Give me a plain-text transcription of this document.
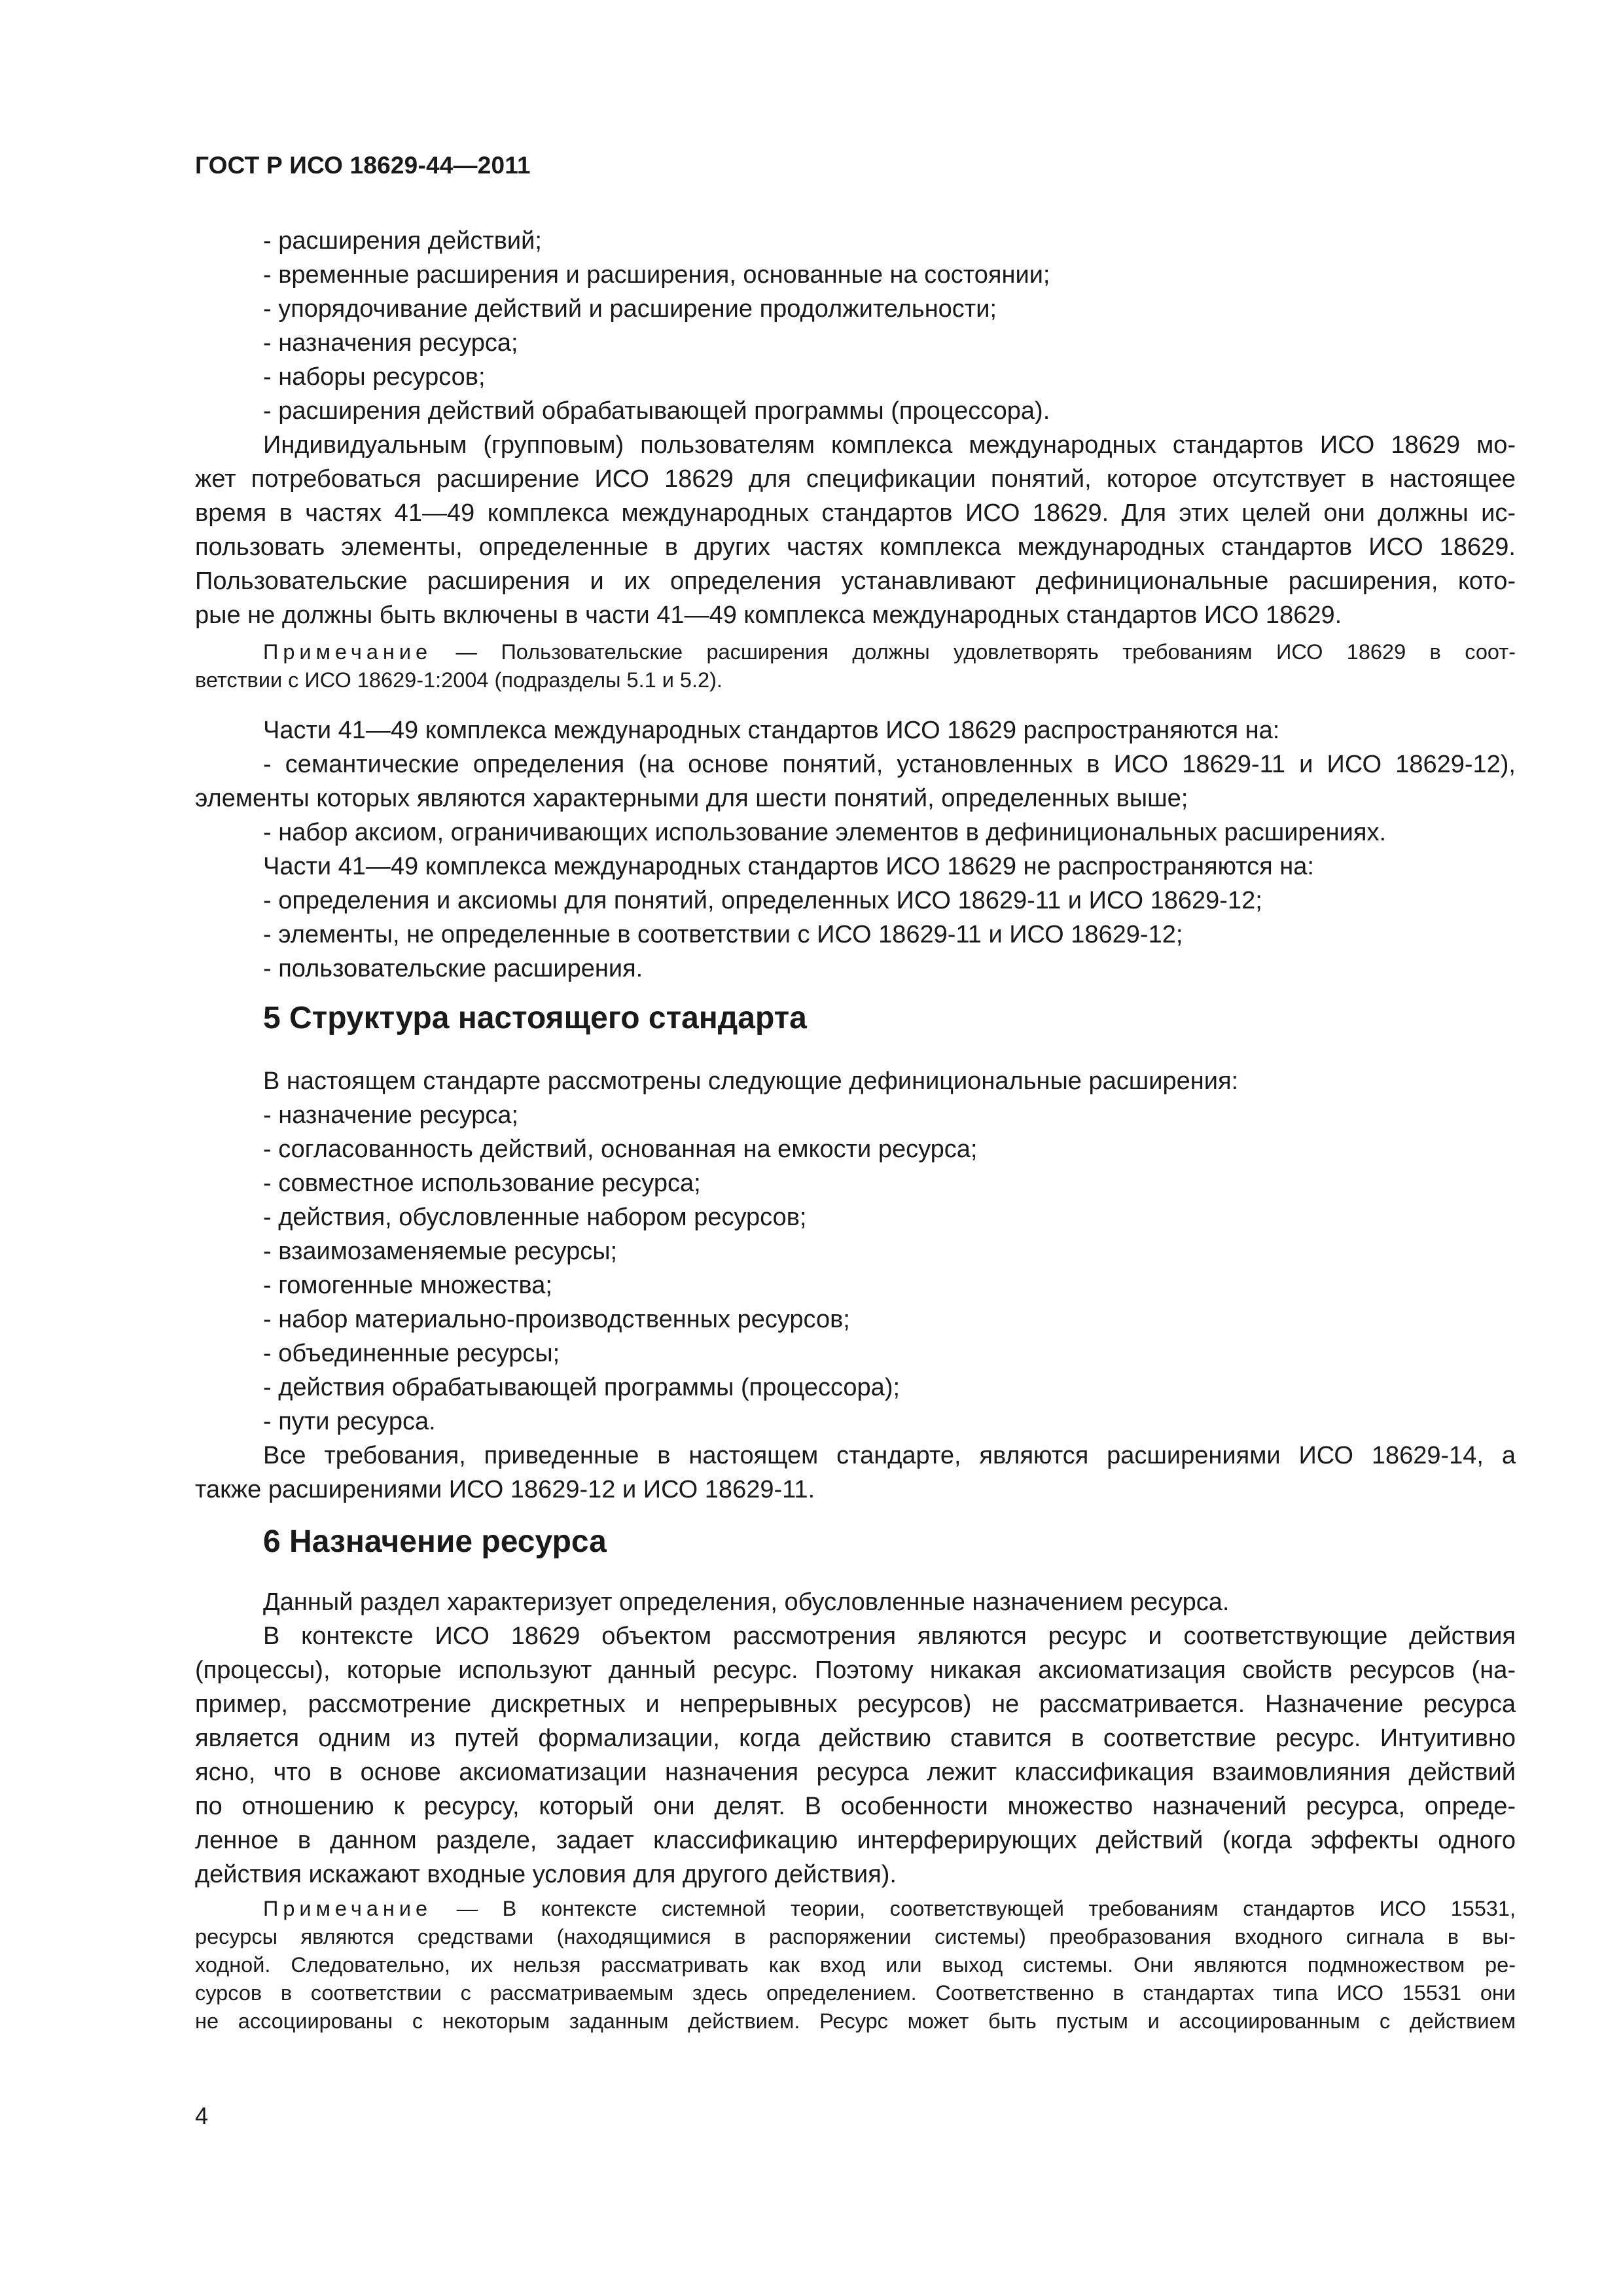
ГОСТ Р ИСО 18629-44—2011
- расширения действий;
- временные расширения и расширения, основанные на состоянии;
- упорядочивание действий и расширение продолжительности;
- назначения ресурса;
- наборы ресурсов;
- расширения действий обрабатывающей программы (процессора).
Индивидуальным (групповым) пользователям комплекса международных стандартов ИСО 18629 мо-
жет потребоваться расширение ИСО 18629 для спецификации понятий, которое отсутствует в настоящее
время в частях 41—49 комплекса международных стандартов ИСО 18629. Для этих целей они должны ис-
пользовать элементы, определенные в других частях комплекса международных стандартов ИСО 18629.
Пользовательские расширения и их определения устанавливают дефинициональные расширения, кото-
рые не должны быть включены в части 41—49 комплекса международных стандартов ИСО 18629.
Примечание — Пользовательские расширения должны удовлетворять требованиям ИСО 18629 в соот-
ветствии с ИСО 18629-1:2004 (подразделы 5.1 и 5.2).
Части 41—49 комплекса международных стандартов ИСО 18629 распространяются на:
- семантические определения (на основе понятий, установленных в ИСО 18629-11 и ИСО 18629-12),
элементы которых являются характерными для шести понятий, определенных выше;
- набор аксиом, ограничивающих использование элементов в дефинициональных расширениях.
Части 41—49 комплекса международных стандартов ИСО 18629 не распространяются на:
- определения и аксиомы для понятий, определенных ИСО 18629-11 и ИСО 18629-12;
- элементы, не определенные в соответствии с ИСО 18629-11 и ИСО 18629-12;
- пользовательские расширения.
5 Структура настоящего стандарта
В настоящем стандарте рассмотрены следующие дефинициональные расширения:
- назначение ресурса;
- согласованность действий, основанная на емкости ресурса;
- совместное использование ресурса;
- действия, обусловленные набором ресурсов;
- взаимозаменяемые ресурсы;
- гомогенные множества;
- набор материально-производственных ресурсов;
- объединенные ресурсы;
- действия обрабатывающей программы (процессора);
- пути ресурса.
Все требования, приведенные в настоящем стандарте, являются расширениями ИСО 18629-14, а
также расширениями ИСО 18629-12 и ИСО 18629-11.
6 Назначение ресурса
Данный раздел характеризует определения, обусловленные назначением ресурса.
В контексте ИСО 18629 объектом рассмотрения являются ресурс и соответствующие действия
(процессы), которые используют данный ресурс. Поэтому никакая аксиоматизация свойств ресурсов (на-
пример, рассмотрение дискретных и непрерывных ресурсов) не рассматривается. Назначение ресурса
является одним из путей формализации, когда действию ставится в соответствие ресурс. Интуитивно
ясно, что в основе аксиоматизации назначения ресурса лежит классификация взаимовлияния действий
по отношению к ресурсу, который они делят. В особенности множество назначений ресурса, опреде-
ленное в данном разделе, задает классификацию интерферирующих действий (когда эффекты одного
действия искажают входные условия для другого действия).
Примечание — В контексте системной теории, соответствующей требованиям стандартов ИСО 15531,
ресурсы являются средствами (находящимися в распоряжении системы) преобразования входного сигнала в вы-
ходной. Следовательно, их нельзя рассматривать как вход или выход системы. Они являются подмножеством ре-
сурсов в соответствии с рассматриваемым здесь определением. Соответственно в стандартах типа ИСО 15531 они
не ассоциированы с некоторым заданным действием. Ресурс может быть пустым и ассоциированным с действием
4
